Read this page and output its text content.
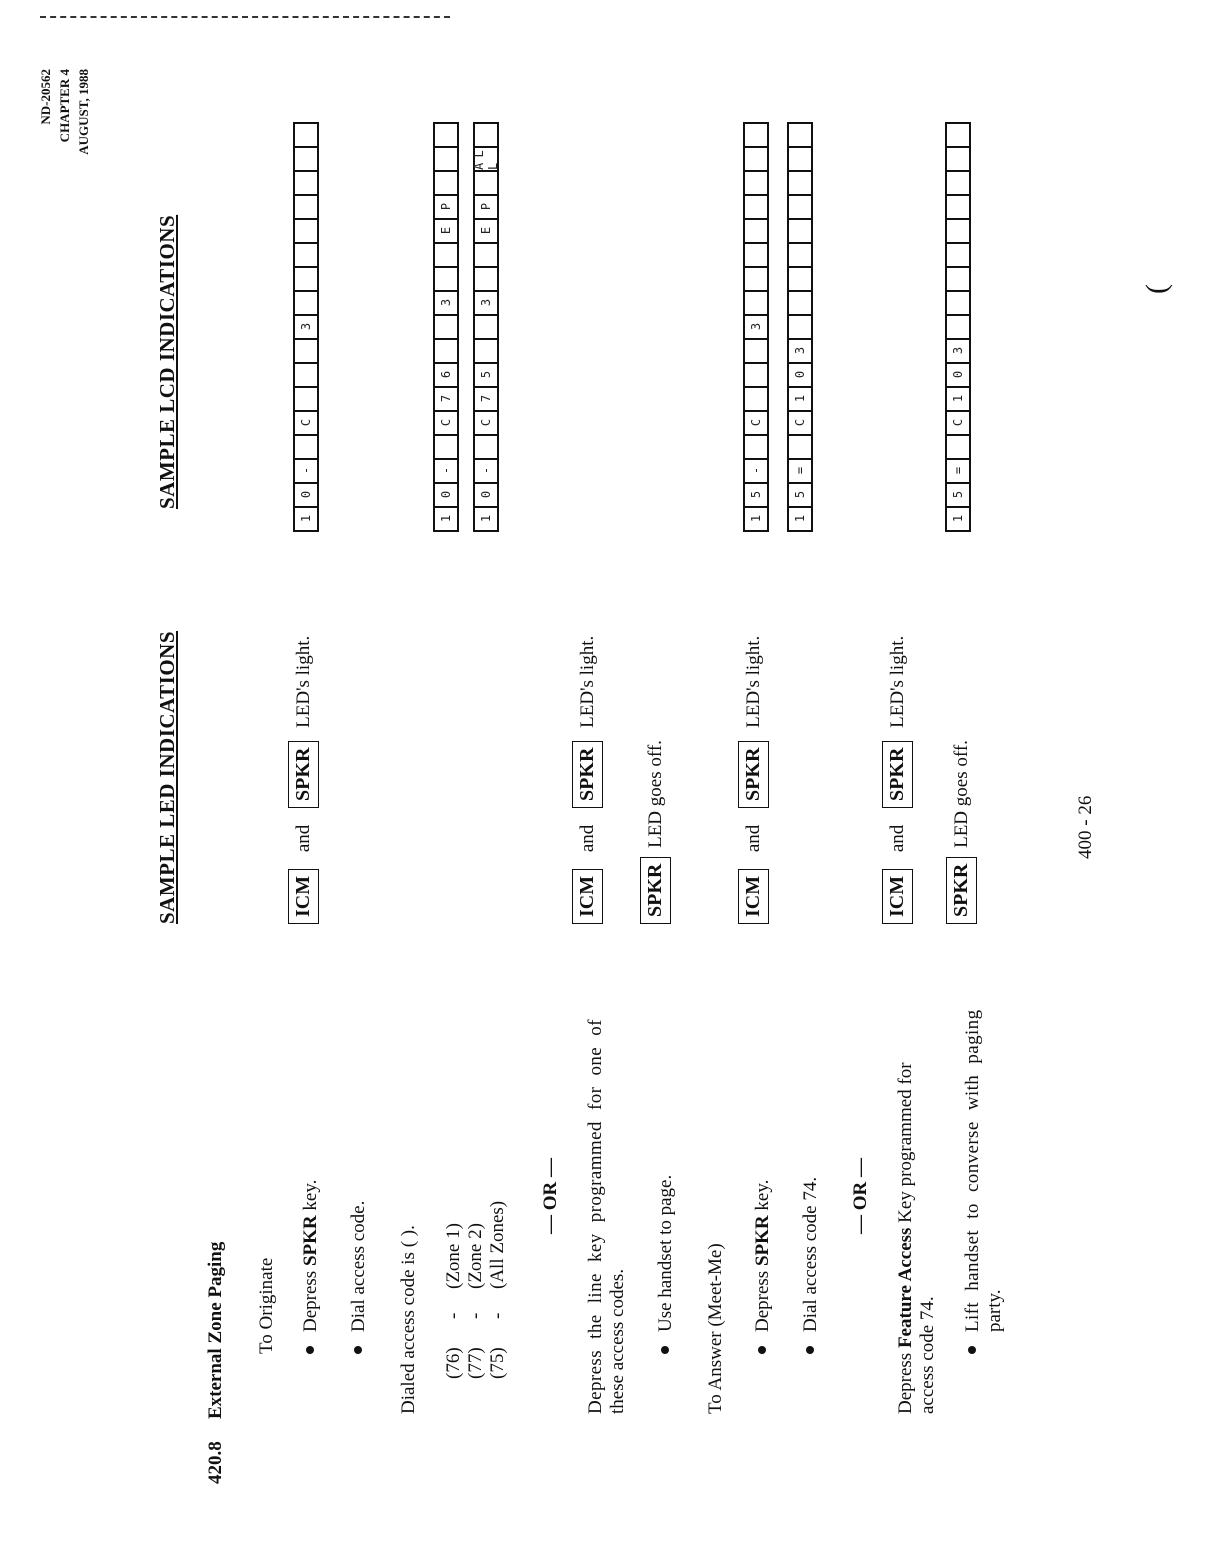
ND-20562 CHAPTER 4 AUGUST, 1988
420.8
External Zone Paging
SAMPLE LED INDICATIONS
SAMPLE LCD INDICATIONS
To Originate Depress SPKR key.
Dial access code. Dialed access code is ( ). (76)-(Zone 1)
(77)-(Zone 2)
(75)-(All Zones)
— OR — Depress the line key programmed for one of these access codes.
Use handset to page. To Answer (Meet-Me) Depress SPKR key. Dial access code 74. — OR —
Depress Feature Access Key programmed for
access code 74.
Lift handset to converse with paging party.
ICM and SPKR LED's light.
ICM and SPKR LED's light.
SPKR LED goes off.
ICM and SPKR LED's light.
ICM and SPKR LED's light.
SPKR LED goes off.
1
0
-
C
3
1
0
-
C
7
6
3
E
P
1
0
-
C
7
5
3
E
P
A L L
1
5
-
C
3
1
5
=
C
1
0
3
1
5
=
C
1
0
3
400 - 26
(
